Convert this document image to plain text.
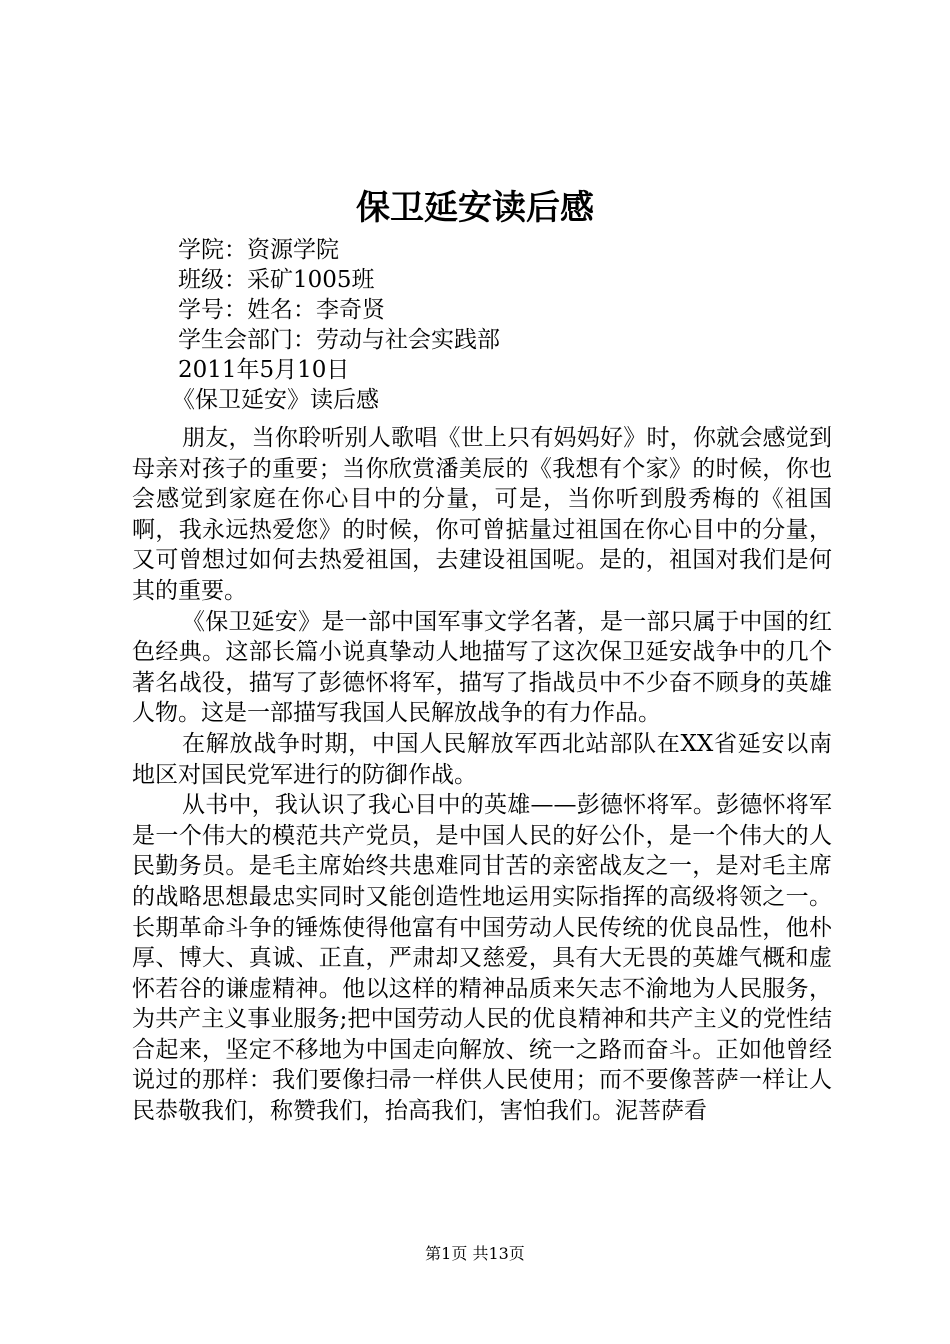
保卫延安读后感
学院：资源学院
班级：采矿1005班
学号：姓名：李奇贤
学生会部门：劳动与社会实践部
2011年5月10日
《保卫延安》读后感

朋友，当你聆听别人歌唱《世上只有妈妈好》时，你就会感觉到母亲对孩子的重要；当你欣赏潘美辰的《我想有个家》的时候，你也会感觉到家庭在你心目中的分量，可是，当你听到殷秀梅的《祖国啊，我永远热爱您》的时候，你可曾掂量过祖国在你心目中的分量，又可曾想过如何去热爱祖国，去建设祖国呢。是的，祖国对我们是何其的重要。

《保卫延安》是一部中国军事文学名著，是一部只属于中国的红色经典。这部长篇小说真挚动人地描写了这次保卫延安战争中的几个著名战役，描写了彭德怀将军，描写了指战员中不少奋不顾身的英雄人物。这是一部描写我国人民解放战争的有力作品。

在解放战争时期，中国人民解放军西北站部队在XX省延安以南地区对国民党军进行的防御作战。

从书中，我认识了我心目中的英雄——彭德怀将军。彭德怀将军是一个伟大的模范共产党员，是中国人民的好公仆，是一个伟大的人民勤务员。是毛主席始终共患难同甘苦的亲密战友之一，是对毛主席的战略思想最忠实同时又能创造性地运用实际指挥的高级将领之一。长期革命斗争的锤炼使得他富有中国劳动人民传统的优良品性，他朴厚、博大、真诚、正直，严肃却又慈爱，具有大无畏的英雄气概和虚怀若谷的谦虚精神。他以这样的精神品质来矢志不渝地为人民服务，为共产主义事业服务;把中国劳动人民的优良精神和共产主义的党性结合起来，坚定不移地为中国走向解放、统一之路而奋斗。正如他曾经说过的那样：我们要像扫帚一样供人民使用；而不要像菩萨一样让人民恭敬我们，称赞我们，抬高我们，害怕我们。泥菩萨看

第1页 共13页
